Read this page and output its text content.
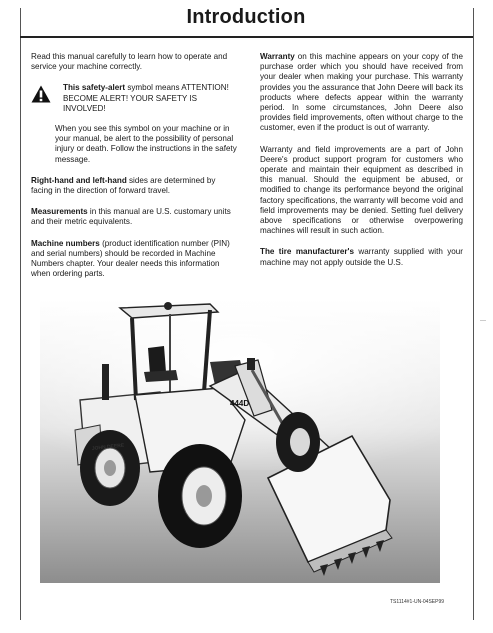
Introduction

Read this manual carefully to learn how to operate and service your machine correctly.

This safety-alert symbol means ATTENTION! BECOME ALERT! YOUR SAFETY IS INVOLVED!

When you see this symbol on your machine or in your manual, be alert to the possibility of personal injury or death. Follow the instructions in the safety message.

Right-hand and left-hand sides are determined by facing in the direction of forward travel.

Measurements in this manual are U.S. customary units and their metric equivalents.

Machine numbers (product identification number (PIN) and serial numbers) should be recorded in Machine Numbers chapter. Your dealer needs this information when ordering parts.

Warranty on this machine appears on your copy of the purchase order which you should have received from your dealer when making your purchase. This warranty provides you the assurance that John Deere will back its products where defects appear within the warranty period. In some circumstances, John Deere also provides field improvements, often without charge to the customer, even if the product is out of warranty.

Warranty and field improvements are a part of John Deere's product support program for customers who operate and maintain their equipment as described in this manual. Should the equipment be abused, or modified to change its performance beyond the original factory specifications, the warranty will become void and field improvements may be denied. Setting fuel delivery above specifications or otherwise overpowering machines will result in such action.

The tire manufacturer's warranty supplied with your machine may not apply outside the U.S.

JOHN DEERE
444D
TS1114#1-UN-04SEP99
